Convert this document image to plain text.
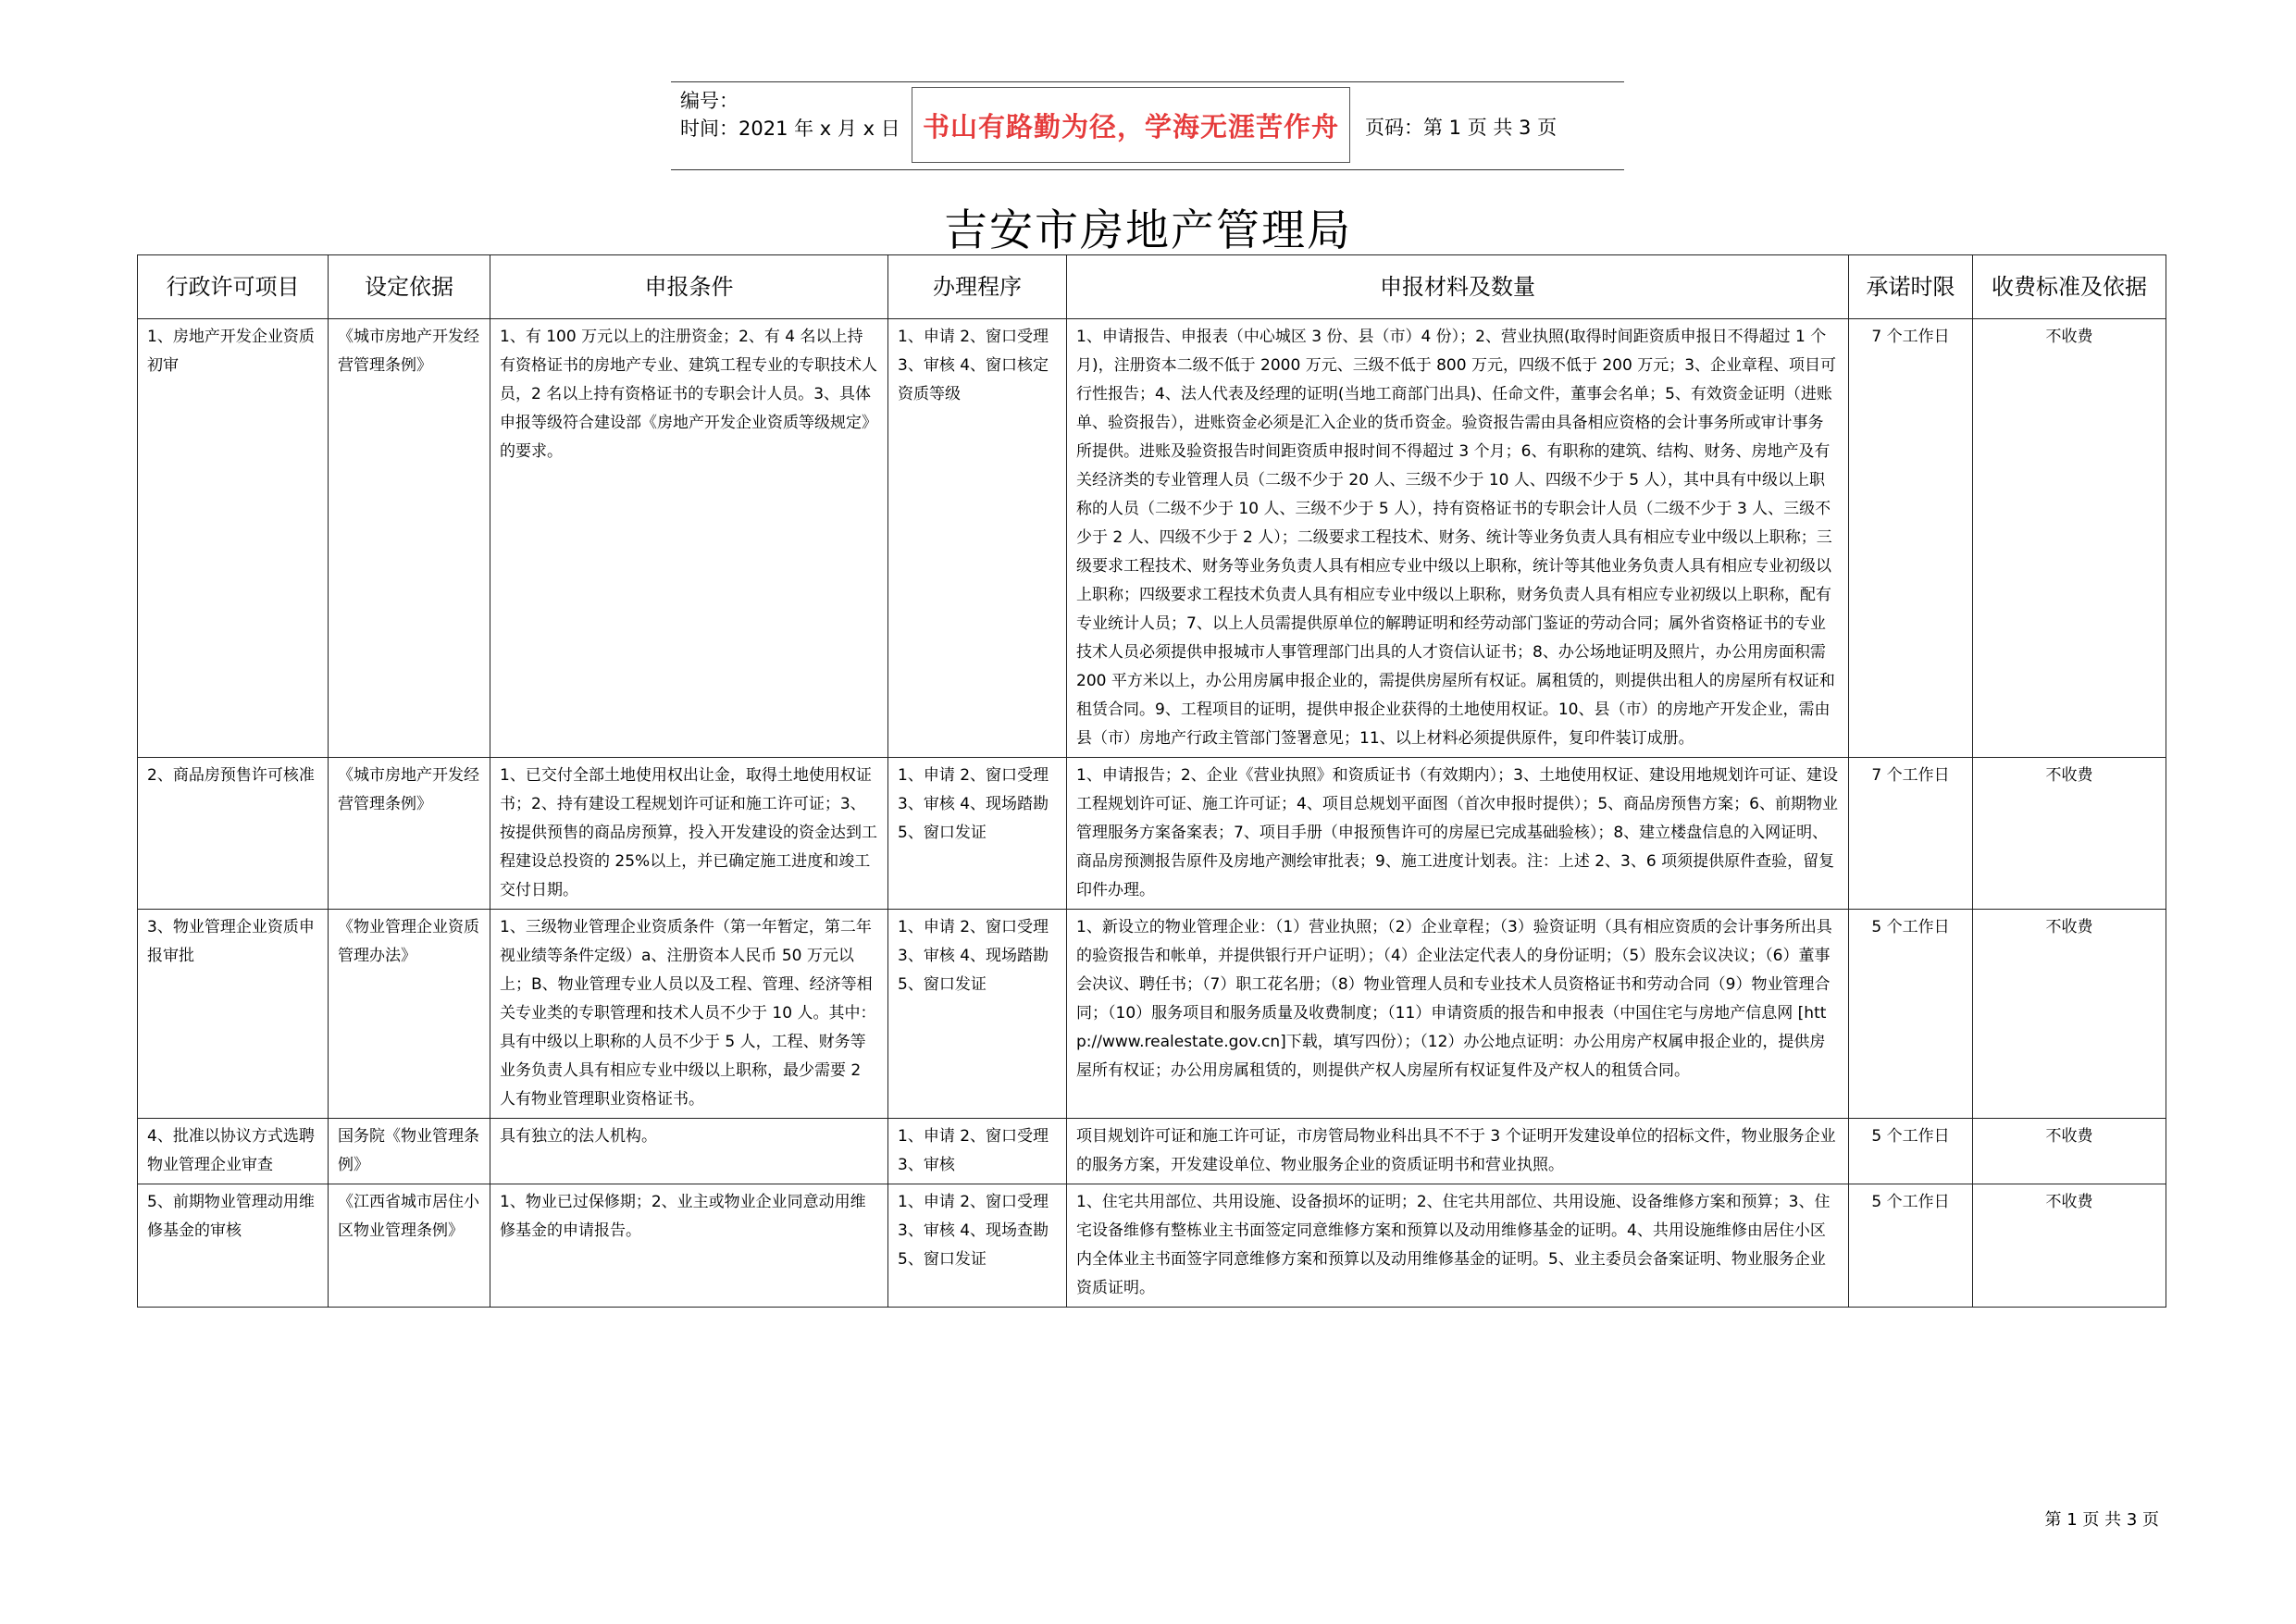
编号：
时间：2021 年 x 月 x 日 书山有路勤为径，学海无涯苦作舟 页码：第 1 页 共 3 页
吉安市房地产管理局
行政许可项目	设定依据	申报条件	办理程序	申报材料及数量	承诺时限	收费标准及依据
1、房地产开发企业资质初审	《城市房地产开发经营管理条例》	1、有 100 万元以上的注册资金；2、有 4 名以上持有资格证书的房地产专业、建筑工程专业的专职技术人员，2 名以上持有资格证书的专职会计人员。3、具体申报等级符合建设部《房地产开发企业资质等级规定》的要求。	1、申请 2、窗口受理 3、审核 4、窗口核定资质等级	1、申请报告、申报表（中心城区 3 份、县（市）4 份）；2、营业执照(取得时间距资质申报日不得超过 1 个月)，注册资本二级不低于 2000 万元、三级不低于 800 万元，四级不低于 200 万元；3、企业章程、项目可行性报告；4、法人代表及经理的证明(当地工商部门出具)、任命文件，董事会名单；5、有效资金证明（进账单、验资报告），进账资金必须是汇入企业的货币资金。验资报告需由具备相应资格的会计事务所或审计事务所提供。进账及验资报告时间距资质申报时间不得超过 3 个月；6、有职称的建筑、结构、财务、房地产及有关经济类的专业管理人员（二级不少于 20 人、三级不少于 10 人、四级不少于 5 人），其中具有中级以上职称的人员（二级不少于 10 人、三级不少于 5 人），持有资格证书的专职会计人员（二级不少于 3 人、三级不少于 2 人、四级不少于 2 人）；二级要求工程技术、财务、统计等业务负责人具有相应专业中级以上职称；三级要求工程技术、财务等业务负责人具有相应专业中级以上职称，统计等其他业务负责人具有相应专业初级以上职称；四级要求工程技术负责人具有相应专业中级以上职称，财务负责人具有相应专业初级以上职称，配有专业统计人员；7、以上人员需提供原单位的解聘证明和经劳动部门鉴证的劳动合同；属外省资格证书的专业技术人员必须提供申报城市人事管理部门出具的人才资信认证书；8、办公场地证明及照片，办公用房面积需 200 平方米以上，办公用房属申报企业的，需提供房屋所有权证。属租赁的，则提供出租人的房屋所有权证和租赁合同。9、工程项目的证明，提供申报企业获得的土地使用权证。10、县（市）的房地产开发企业，需由县（市）房地产行政主管部门签署意见；11、以上材料必须提供原件，复印件装订成册。	7 个工作日	不收费
2、商品房预售许可核准	《城市房地产开发经营管理条例》	1、已交付全部土地使用权出让金，取得土地使用权证书；2、持有建设工程规划许可证和施工许可证；3、按提供预售的商品房预算，投入开发建设的资金达到工程建设总投资的 25%以上，并已确定施工进度和竣工交付日期。	1、申请 2、窗口受理 3、审核 4、现场踏勘 5、窗口发证	1、申请报告；2、企业《营业执照》和资质证书（有效期内）；3、土地使用权证、建设用地规划许可证、建设工程规划许可证、施工许可证；4、项目总规划平面图（首次申报时提供）；5、商品房预售方案；6、前期物业管理服务方案备案表；7、项目手册（申报预售许可的房屋已完成基础验核）；8、建立楼盘信息的入网证明、商品房预测报告原件及房地产测绘审批表；9、施工进度计划表。注：上述 2、3、6 项须提供原件查验，留复印件办理。	7 个工作日	不收费
3、物业管理企业资质申报审批	《物业管理企业资质管理办法》	1、三级物业管理企业资质条件（第一年暂定，第二年视业绩等条件定级）a、注册资本人民币 50 万元以上；B、物业管理专业人员以及工程、管理、经济等相关专业类的专职管理和技术人员不少于 10 人。其中：具有中级以上职称的人员不少于 5 人，工程、财务等业务负责人具有相应专业中级以上职称，最少需要 2 人有物业管理职业资格证书。	1、申请 2、窗口受理 3、审核 4、现场踏勘 5、窗口发证	1、新设立的物业管理企业：（1）营业执照；（2）企业章程；（3）验资证明（具有相应资质的会计事务所出具的验资报告和帐单，并提供银行开户证明）；（4）企业法定代表人的身份证明；（5）股东会议决议；（6）董事会决议、聘任书；（7）职工花名册；（8）物业管理人员和专业技术人员资格证书和劳动合同（9）物业管理合同；（10）服务项目和服务质量及收费制度；（11）申请资质的报告和申报表（中国住宅与房地产信息网 [http://www.realestate.gov.cn]下载，填写四份）；（12）办公地点证明：办公用房产权属申报企业的，提供房屋所有权证；办公用房属租赁的，则提供产权人房屋所有权证复件及产权人的租赁合同。	5 个工作日	不收费
4、批准以协议方式选聘物业管理企业审查	国务院《物业管理条例》	具有独立的法人机构。	1、申请 2、窗口受理 3、审核	项目规划许可证和施工许可证，市房管局物业科出具不不于 3 个证明开发建设单位的招标文件，物业服务企业的服务方案，开发建设单位、物业服务企业的资质证明书和营业执照。	5 个工作日	不收费
5、前期物业管理动用维修基金的审核	《江西省城市居住小区物业管理条例》	1、物业已过保修期；2、业主或物业企业同意动用维修基金的申请报告。	1、申请 2、窗口受理 3、审核 4、现场查勘 5、窗口发证	1、住宅共用部位、共用设施、设备损坏的证明；2、住宅共用部位、共用设施、设备维修方案和预算；3、住宅设备维修有整栋业主书面签定同意维修方案和预算以及动用维修基金的证明。4、共用设施维修由居住小区内全体业主书面签字同意维修方案和预算以及动用维修基金的证明。5、业主委员会备案证明、物业服务企业资质证明。	5 个工作日	不收费
第 1 页 共 3 页
